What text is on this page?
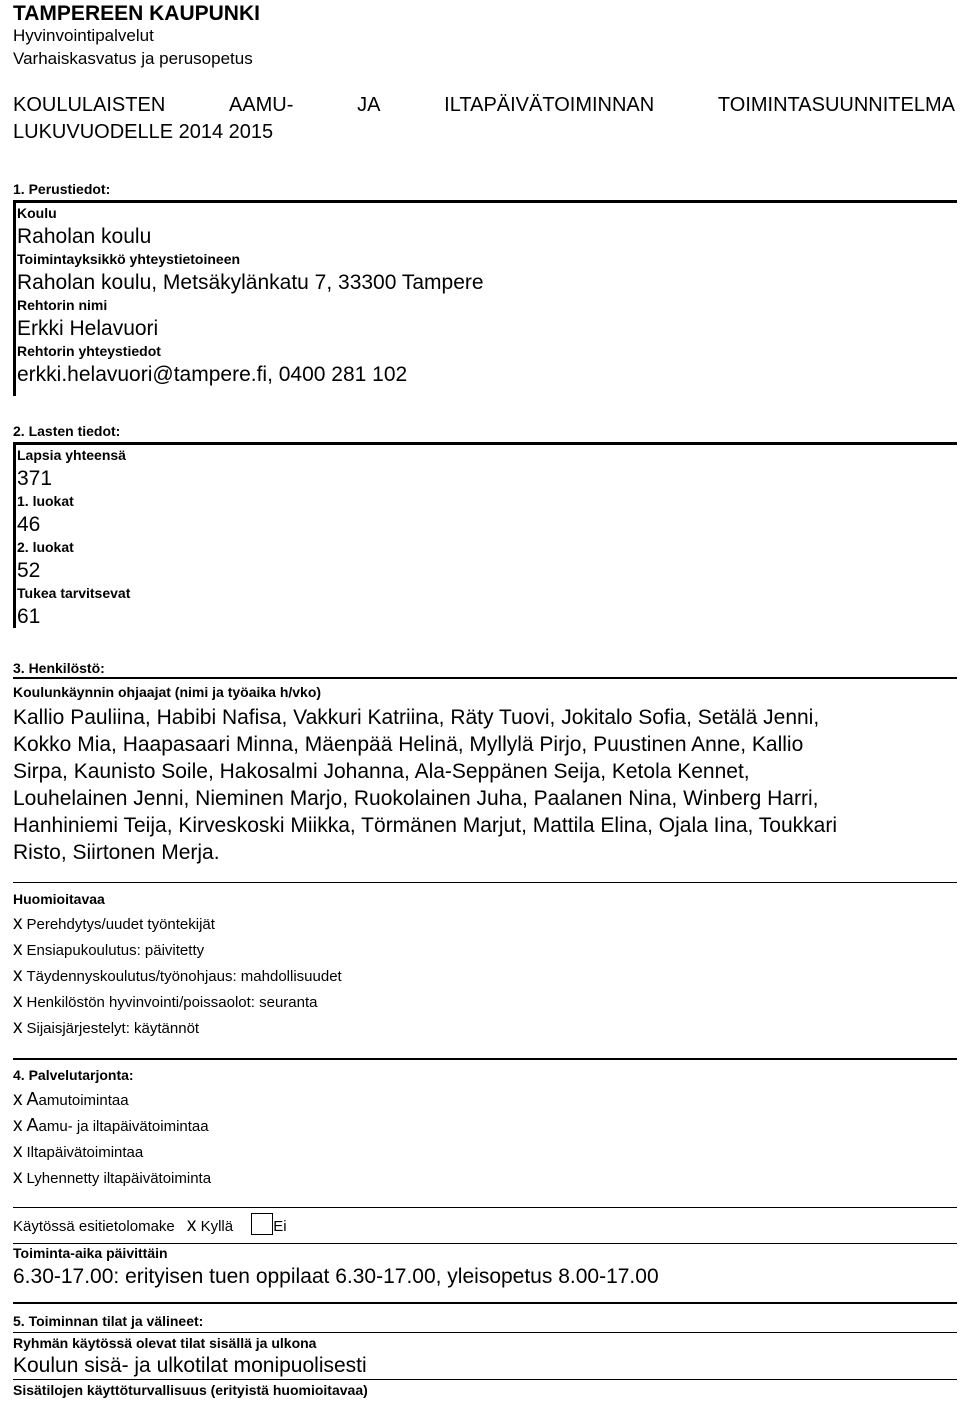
TAMPEREEN KAUPUNKI
Hyvinvointipalvelut
Varhaiskasvatus ja perusopetus
KOULULAISTEN	AAMU-	JA	ILTAPÄIVÄTOIMINNAN	TOIMINTASUUNNITELMA
LUKUVUODELLE 2014 2015
1. Perustiedot:
Koulu
Raholan koulu
Toimintayksikkö yhteystietoineen
Raholan koulu, Metsäkylänkatu 7, 33300 Tampere
Rehtorin nimi
Erkki Helavuori
Rehtorin yhteystiedot
erkki.helavuori@tampere.fi, 0400 281 102
2. Lasten tiedot:
Lapsia yhteensä
371
1. luokat
46
2. luokat
52
Tukea tarvitsevat
61
3. Henkilöstö:
Koulunkäynnin ohjaajat (nimi ja työaika h/vko)
Kallio Pauliina, Habibi Nafisa, Vakkuri Katriina, Räty Tuovi, Jokitalo Sofia, Setälä Jenni,
Kokko Mia, Haapasaari Minna, Mäenpää Helinä, Myllylä Pirjo, Puustinen Anne, Kallio
Sirpa, Kaunisto Soile, Hakosalmi Johanna, Ala-Seppänen Seija, Ketola Kennet,
Louhelainen Jenni, Nieminen Marjo, Ruokolainen Juha, Paalanen Nina, Winberg Harri,
Hanhiniemi Teija, Kirveskoski Miikka, Törmänen Marjut, Mattila Elina, Ojala Iina, Toukkari
Risto, Siirtonen Merja.
Huomioitavaa
x Perehdytys/uudet työntekijät
x Ensiapukoulutus: päivitetty
x Täydennyskoulutus/työnohjaus: mahdollisuudet
x Henkilöstön hyvinvointi/poissaolot: seuranta
x Sijaisjärjestelyt: käytännöt
4. Palvelutarjonta:
x Aamutoimintaa
x Aamu- ja iltapäivätoimintaa
x Iltapäivätoimintaa
x Lyhennetty iltapäivätoiminta
Käytössä esitietolomake x Kyllä	Ei
Toiminta-aika päivittäin
6.30-17.00: erityisen tuen oppilaat 6.30-17.00, yleisopetus 8.00-17.00
5. Toiminnan tilat ja välineet:
Ryhmän käytössä olevat tilat sisällä ja ulkona
Koulun sisä- ja ulkotilat monipuolisesti
Sisätilojen käyttöturvallisuus (erityistä huomioitavaa)
